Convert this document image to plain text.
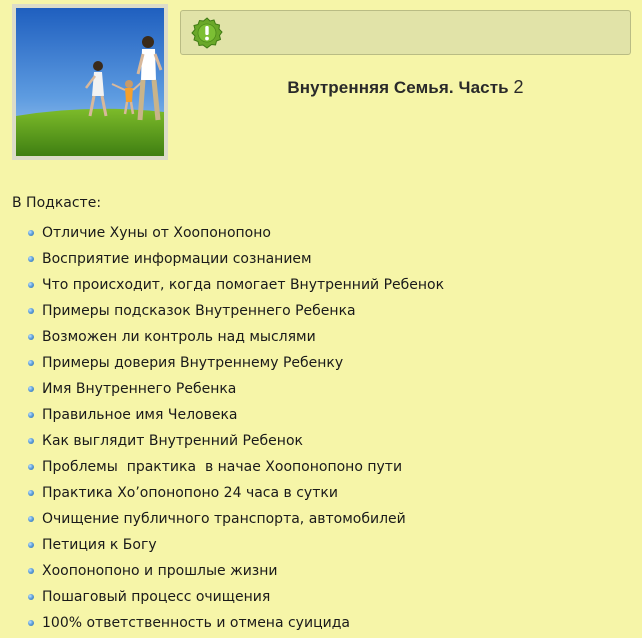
Внутренняя Семья. Часть 2
В Подкасте:
Отличие Хуны от Хоопонопоно
Восприятие информации сознанием
Что происходит, когда помогает Внутренний Ребенок
Примеры подсказок Внутреннего Ребенка
Возможен ли контроль над мыслями
Примеры доверия Внутреннему Ребенку
Имя Внутреннего Ребенка
Правильное имя Человека
Как выглядит Внутренний Ребенок
Проблемы  практика  в начае Хоопонопоно пути
Практика Хо’опонопоно 24 часа в сутки
Очищение публичного транспорта, автомобилей
Петиция к Богу
Хоопонопоно и прошлые жизни
Пошаговый процесс очищения
100% ответственность и отмена суицида
